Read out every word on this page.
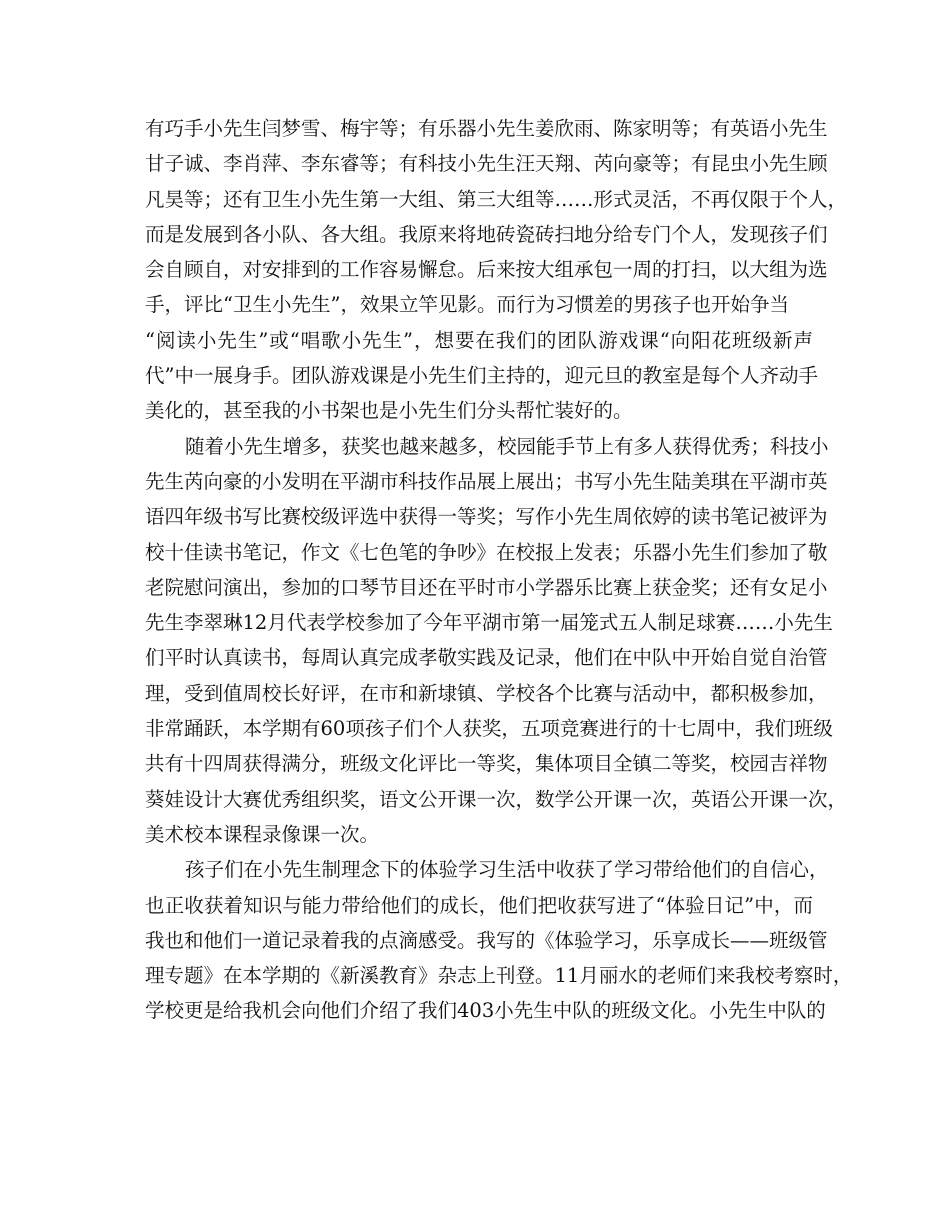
有巧手小先生闫梦雪、梅宇等；有乐器小先生姜欣雨、陈家明等；有英语小先生
甘子诚、李肖萍、李东睿等；有科技小先生汪天翔、芮向豪等；有昆虫小先生顾
凡昊等；还有卫生小先生第一大组、第三大组等……形式灵活，不再仅限于个人，
而是发展到各小队、各大组。我原来将地砖瓷砖扫地分给专门个人，发现孩子们
会自顾自，对安排到的工作容易懈怠。后来按大组承包一周的打扫，以大组为选
手，评比“卫生小先生”，效果立竿见影。而行为习惯差的男孩子也开始争当
“阅读小先生”或“唱歌小先生”，想要在我们的团队游戏课“向阳花班级新声
代”中一展身手。团队游戏课是小先生们主持的，迎元旦的教室是每个人齐动手
美化的，甚至我的小书架也是小先生们分头帮忙装好的。
随着小先生增多，获奖也越来越多，校园能手节上有多人获得优秀；科技小
先生芮向豪的小发明在平湖市科技作品展上展出；书写小先生陆美琪在平湖市英
语四年级书写比赛校级评选中获得一等奖；写作小先生周依婷的读书笔记被评为
校十佳读书笔记，作文《七色笔的争吵》在校报上发表；乐器小先生们参加了敬
老院慰问演出，参加的口琴节目还在平时市小学器乐比赛上获金奖；还有女足小
先生李翠琳12月代表学校参加了今年平湖市第一届笼式五人制足球赛……小先生
们平时认真读书，每周认真完成孝敬实践及记录，他们在中队中开始自觉自治管
理，受到值周校长好评，在市和新埭镇、学校各个比赛与活动中，都积极参加，
非常踊跃，本学期有60项孩子们个人获奖，五项竞赛进行的十七周中，我们班级
共有十四周获得满分，班级文化评比一等奖，集体项目全镇二等奖，校园吉祥物
葵娃设计大赛优秀组织奖，语文公开课一次，数学公开课一次，英语公开课一次，
美术校本课程录像课一次。
孩子们在小先生制理念下的体验学习生活中收获了学习带给他们的自信心，
也正收获着知识与能力带给他们的成长，他们把收获写进了“体验日记”中，而
我也和他们一道记录着我的点滴感受。我写的《体验学习，乐享成长——班级管
理专题》在本学期的《新溪教育》杂志上刊登。11月丽水的老师们来我校考察时，
学校更是给我机会向他们介绍了我们403小先生中队的班级文化。小先生中队的
